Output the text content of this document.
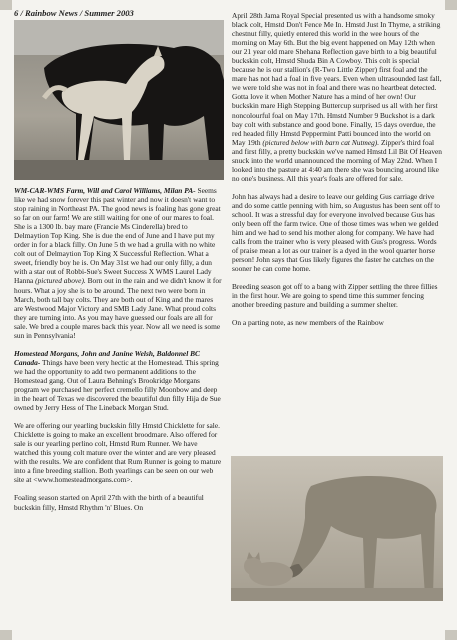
6 / Rainbow News / Summer 2003

WM-CAR-WMS Farm, Will and Carol Williams, Milan PA- Seems like we had snow forever this past winter and now it doesn't want to stop raining in Northeast PA. The good news is foaling has gone great so far on our farm! We are still waiting for one of our mares to foal. She is a 1300 lb. bay mare (Francie Ms Cinderella) bred to Delmaytion Top King. She is due the end of June and I have put my order in for a black filly. On June 5 th we had a grulla with no white colt out of Delmaytion Top King X Successful Reflection. What a sweet, friendly boy he is. On May 31st we had our only filly, a dun with a star out of Robbi-Sue's Sweet Success X WMS Laurel Lady Hanna (pictured above). Born out in the rain and we didn't know it for hours. What a joy she is to be around. The next two were born in March, both tall bay colts. They are both out of King and the mares are Westwood Major Victory and SMB Lady Jane. What proud colts they are turning into. As you may have guessed our foals are all for sale. We bred a couple mares back this year. Now all we need is some sun in Pennsylvania!

Homestead Morgans, John and Janine Welsh, Baldonnel BC Canada- Things have been very hectic at the Homestead. This spring we had the opportunity to add two permanent additions to the Homestead gang. Out of Laura Behning's Brookridge Morgans program we purchased her perfect cremello filly Moonbow and deep in the heart of Texas we discovered the beautiful dun filly Hija de Sue owned by Jerry Hess of The Lineback Morgan Stud.

We are offering our yearling buckskin filly Hmstd Chicklette for sale. Chicklette is going to make an excellent broodmare. Also offered for sale is our yearling perlino colt, Hmstd Rum Runner. We have watched this young colt mature over the winter and are very pleased with the results. We are confident that Rum Runner is going to mature into a fine breeding stallion. Both yearlings can be seen on our web site at <www.homesteadmorgans.com>.

Foaling season started on April 27th with the birth of a beautiful buckskin filly, Hmstd Rhythm 'n' Blues. On

April 28th Jama Royal Special presented us with a handsome smoky black colt, Hmstd Don't Fence Me In. Hmstd Just In Thyme, a striking chestnut filly, quietly entered this world in the wee hours of the morning on May 6th. But the big event happened on May 12th when our 21 year old mare Shehana Reflection gave birth to a big beautiful buckskin colt, Hmstd Shuda Bin A Cowboy. This colt is special because he is our stallion's (R-Two Little Zipper) first foal and the mare has not had a foal in five years. Even when ultrasounded last fall, we were told she was not in foal and there was no heartbeat detected. Gotta love it when Mother Nature has a mind of her own! Our buckskin mare High Stepping Buttercup surprised us all with her first noncolourful foal on May 17th. Hmstd Number 9 Buckshot is a dark bay colt with substance and good bone. Finally, 15 days overdue, the red headed filly Hmstd Peppermint Patti bounced into the world on May 19th (pictured below with barn cat Nutmeg). Zipper's third foal and first filly, a pretty buckskin we've named Hmstd Lil Bit Of Heaven snuck into the world unannounced the morning of May 22nd. When I looked into the pasture at 4:40 am there she was bouncing around like no one's business. All this year's foals are offered for sale.

John has always had a desire to leave our gelding Gus carriage drive and do some cattle penning with him, so Augustus has been sent off to school. It was a stressful day for everyone involved because Gus has only been off the farm twice. One of those times was when we gelded him and we had to send his mother along for company. We have had calls from the trainer who is very pleased with Gus's progress. Words of praise mean a lot as our trainer is a dyed in the wool quarter horse person! John says that Gus likely figures the faster he catches on the sooner he can come home.

Breeding season got off to a bang with Zipper settling the three fillies in the first hour. We are going to spend time this summer fencing another breeding pasture and building a summer shelter.

On a parting note, as new members of the Rainbow
